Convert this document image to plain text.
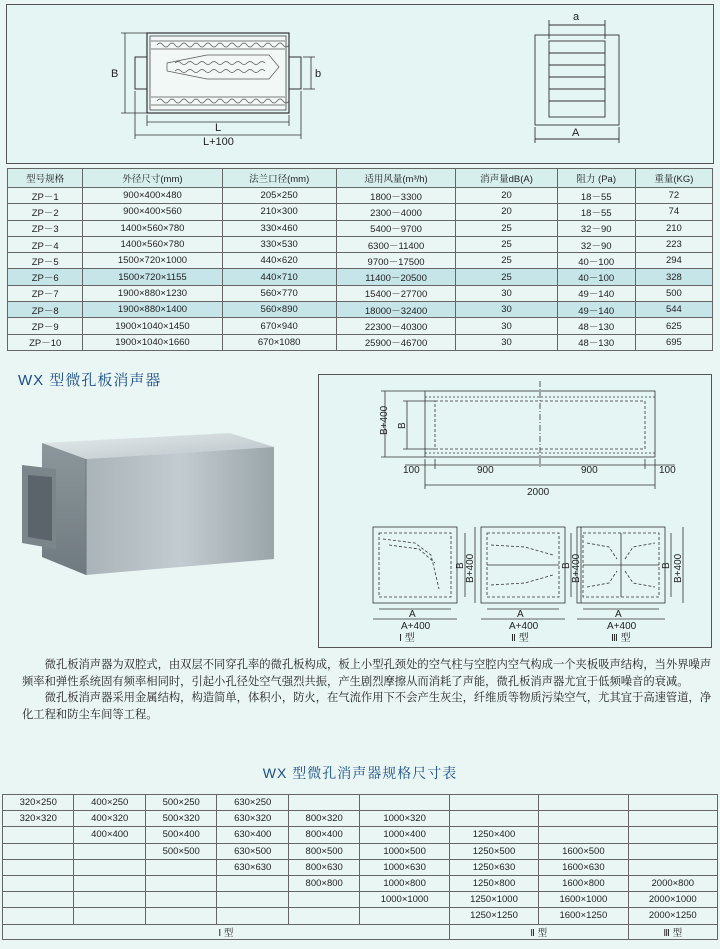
B	b
L
L+100
a
A
型号规格	外径尺寸(mm)	法兰口径(mm)	适用风量(m³/h)	消声量dB(A)	阻力 (Pa)	重量(KG)
ZP－1	900×400×480	205×250	1800－3300	20	18－55	72
ZP－2	900×400×560	210×300	2300－4000	20	18－55	74
ZP－3	1400×560×780	330×460	5400－9700	25	32－90	210
ZP－4	1400×560×780	330×530	6300－11400	25	32－90	223
ZP－5	1500×720×1000	440×620	9700－17500	25	40－100	294
ZP－6	1500×720×1155	440×710	11400－20500	25	40－100	328
ZP－7	1900×880×1230	560×770	15400－27700	30	49－140	500
ZP－8	1900×880×1400	560×890	18000－32400	30	49－140	544
ZP－9	1900×1040×1450	670×940	22300－40300	30	48－130	625
ZP－10	1900×1040×1660	670×1080	25900－46700	30	48－130	695
WX 型微孔板消声器
B+400 B
100	900	900	100
2000
A
A+400
B B+400
Ⅰ 型
A
A+400
B B+400
Ⅱ 型
A
A+400
B B+400
Ⅲ 型

微孔板消声器为双腔式，由双层不同穿孔率的微孔板构成，板上小型孔颈处的空气柱与空腔内空气构成一个夹板吸声结构，当外界噪声频率和弹性系统固有频率相同时，引起小孔径处空气强烈共振，产生剧烈摩擦从而消耗了声能，微孔板消声器尤宜于低频噪音的衰减。

微孔板消声器采用金属结构，构造简单，体积小，防火，在气流作用下不会产生灰尘，纤维质等物质污染空气，尤其宜于高速管道，净化工程和防尘车间等工程。

WX 型微孔消声器规格尺寸表
320×250	400×250	500×250	630×250					
320×320	400×320	500×320	630×320	800×320	1000×320			
	400×400	500×400	630×400	800×400	1000×400	1250×400		
		500×500	630×500	800×500	1000×500	1250×500	1600×500	
			630×630	800×630	1000×630	1250×630	1600×630	
				800×800	1000×800	1250×800	1600×800	2000×800
					1000×1000	1250×1000	1600×1000	2000×1000
						1250×1250	1600×1250	2000×1250
Ⅰ 型						Ⅱ 型		Ⅲ 型
